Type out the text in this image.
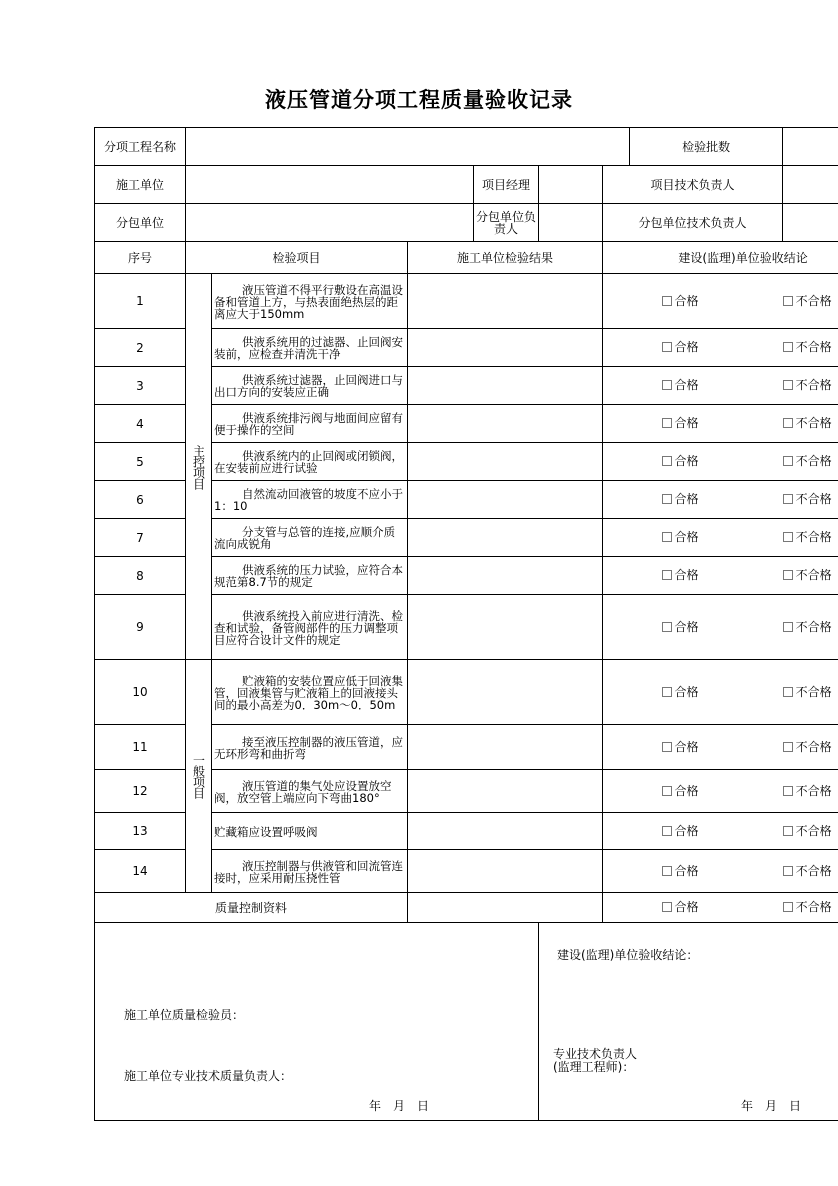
液压管道分项工程质量验收记录
分项工程名称							检验批数				
施工单位				项目经理		项目技术负责人					
分包单位				分包单位负责人		分包单位技术负责人					
序号	检验项目		施工单位检验结果			建设(监理)单位验收结论					
1	主控项目	液压管道不得平行敷设在高温设备和管道上方，与热表面绝热层的距离应大于150mm					合格		不合格		

2		供液系统用的过滤器、止回阀安装前，应检查并清洗干净					合格		不合格		

3		供液系统过滤器，止回阀进口与出口方向的安装应正确					合格		不合格		

4		供液系统排污阀与地面间应留有便于操作的空间					合格		不合格		

5		供液系统内的止回阀或闭锁阀，在安装前应进行试验					合格		不合格		

6		自然流动回液管的坡度不应小于1：10					合格		不合格		

7		分支管与总管的连接,应顺介质流向成锐角					合格		不合格		

8		供液系统的压力试验，应符合本规范第8.7节的规定					合格		不合格		

9		供液系统投入前应进行清洗、检查和试验，备管阀部件的压力调整项目应符合设计文件的规定					合格		不合格		

10	一般项目	贮液箱的安装位置应低于回液集管，回液集管与贮液箱上的回液接头间的最小高差为0．30m～0．50m					合格		不合格		

11		接至液压控制器的液压管道，应无环形弯和曲折弯					合格		不合格		

12		液压管道的集气处应设置放空阀，放空管上端应向下弯曲180°					合格		不合格		

13		贮藏箱应设置呼吸阀					合格		不合格		

14		液压控制器与供液管和回流管连接时，应采用耐压挠性管					合格		不合格		

质量控制资料							合格		不合格		

施工单位质量检验员：
施工单位专业技术质量负责人：
年　月　日					建设(监理)单位验收结论：
专业技术负责人
(监理工程师)：
年　月　日						
